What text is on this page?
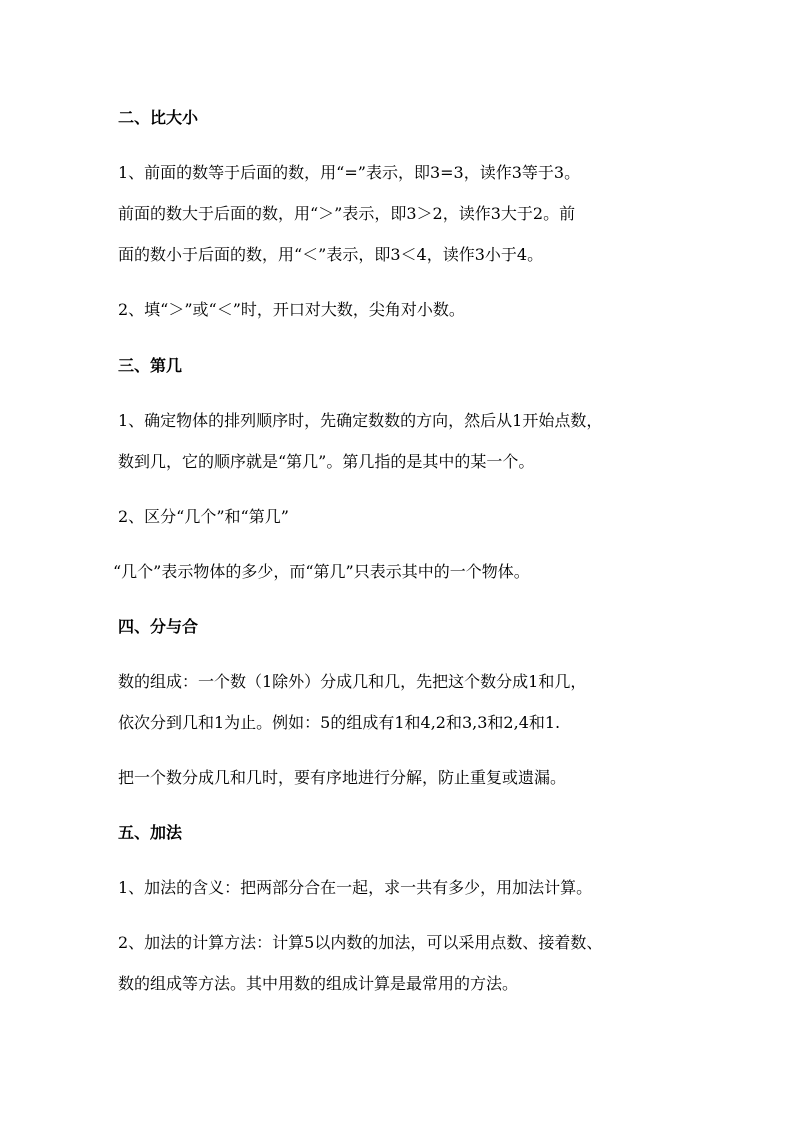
二、比大小
1、前面的数等于后面的数，用“=”表示，即3=3，读作3等于3。
前面的数大于后面的数，用“＞”表示，即3＞2，读作3大于2。前
面的数小于后面的数，用“＜”表示，即3＜4，读作3小于4。
2、填“＞”或“＜”时，开口对大数，尖角对小数。
三、第几
1、确定物体的排列顺序时，先确定数数的方向，然后从1开始点数，
数到几，它的顺序就是“第几”。第几指的是其中的某一个。
2、区分“几个”和“第几”
“几个”表示物体的多少，而“第几”只表示其中的一个物体。
四、分与合
数的组成：一个数（1除外）分成几和几，先把这个数分成1和几，
依次分到几和1为止。例如：5的组成有1和4,2和3,3和2,4和1.
把一个数分成几和几时，要有序地进行分解，防止重复或遗漏。
五、加法
1、加法的含义：把两部分合在一起，求一共有多少，用加法计算。
2、加法的计算方法：计算5以内数的加法，可以采用点数、接着数、
数的组成等方法。其中用数的组成计算是最常用的方法。
